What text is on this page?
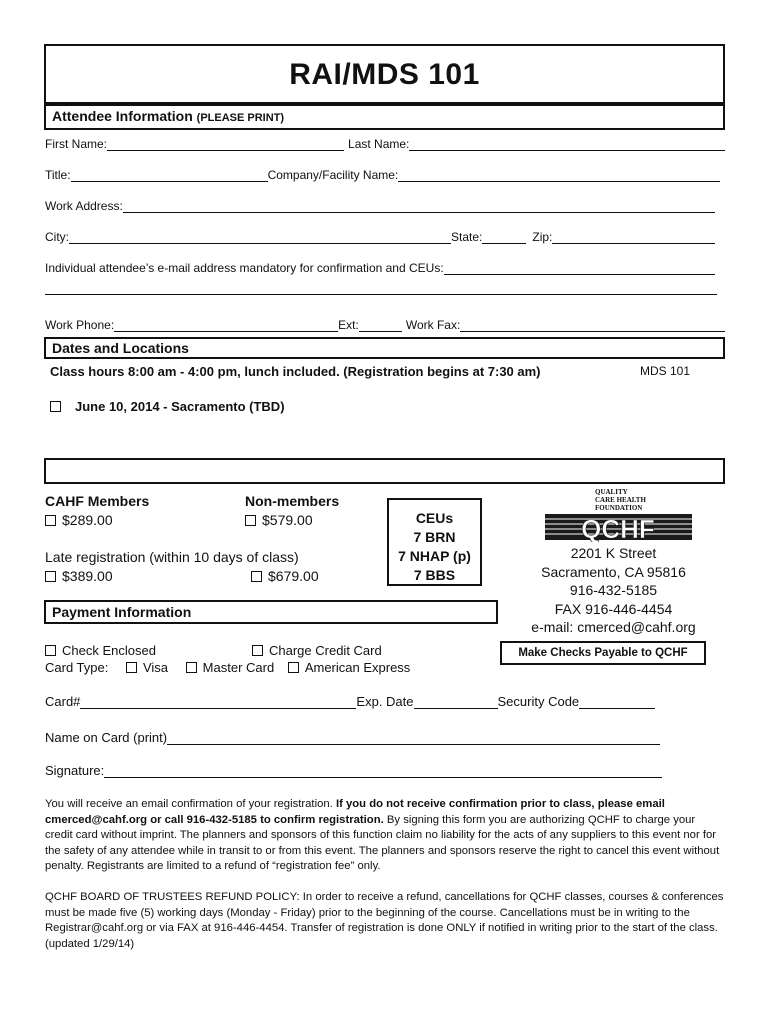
RAI/MDS 101
Attendee Information (PLEASE PRINT)
First Name:	Last Name:
Title:	Company/Facility Name:
Work Address:
City:	State:	Zip:
Individual attendee’s e-mail address mandatory for confirmation and CEUs:
Work Phone:	Ext:	Work Fax:
Dates and Locations
Class hours 8:00 am - 4:00 pm, lunch included. (Registration begins at 7:30 am)	MDS 101
June 10, 2014 - Sacramento (TBD)
CAHF Members
$289.00
Non-members
$579.00
Late registration (within 10 days of class)
$389.00	$679.00
CEUs
7 BRN
7 NHAP (p)
7 BBS
QUALITY
CARE HEALTH
FOUNDATION
QCHF
2201 K Street
Sacramento, CA 95816
916-432-5185
FAX 916-446-4454
e-mail: cmerced@cahf.org
Payment Information
Check Enclosed	Charge Credit Card
Card Type:	Visa	Master Card American Express
Make Checks Payable to QCHF
Card#	Exp. Date	Security Code
Name on Card (print)
Signature:
You will receive an email confirmation of your registration. If you do not receive confirmation prior to class, please email cmerced@cahf.org or call 916-432-5185 to confirm registration. By signing this form you are authorizing QCHF to charge your credit card without imprint. The planners and sponsors of this function claim no liability for the acts of any suppliers to this event nor for the safety of any attendee while in transit to or from this event. The planners and sponsors reserve the right to cancel this event without penalty. Registrants are limited to a refund of “registration fee” only.
QCHF BOARD OF TRUSTEES REFUND POLICY: In order to receive a refund, cancellations for QCHF classes, courses & conferences must be made five (5) working days (Monday - Friday) prior to the beginning of the course. Cancellations must be in writing to the Registrar@cahf.org or via FAX at 916-446-4454. Transfer of registration is done ONLY if notified in writing prior to the start of the class. (updated 1/29/14)
